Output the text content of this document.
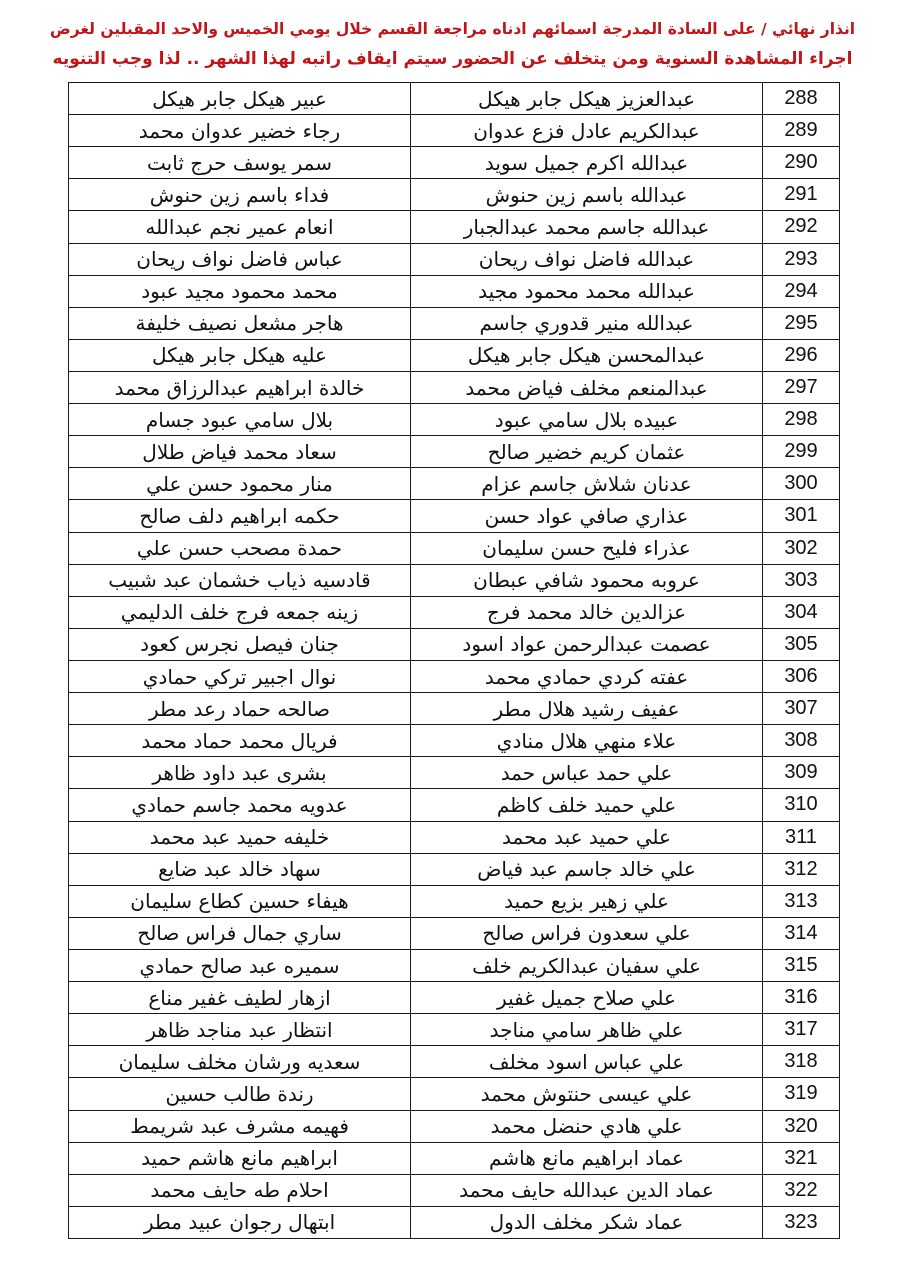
انذار نهائي / على السادة المدرجة اسمائهم ادناه مراجعة القسم خلال يومي الخميس والاحد المقبلين لغرض
اجراء المشاهدة السنوية ومن يتخلف عن الحضور سيتم ايقاف راتبه لهذا الشهر .. لذا وجب التنويه
288	عبدالعزيز هيكل جابر هيكل	عبير هيكل جابر هيكل
289	عبدالكريم عادل فزع عدوان	رجاء خضير عدوان محمد
290	عبدالله اكرم جميل سويد	سمر يوسف حرج ثابت
291	عبدالله باسم زين حنوش	فداء باسم زين حنوش
292	عبدالله جاسم محمد عبدالجبار	انعام عمير نجم عبدالله
293	عبدالله فاضل نواف ريحان	عباس فاضل نواف ريحان
294	عبدالله محمد محمود مجيد	محمد محمود مجيد عبود
295	عبدالله منير قدوري جاسم	هاجر مشعل نصيف خليفة
296	عبدالمحسن هيكل جابر هيكل	عليه هيكل جابر هيكل
297	عبدالمنعم مخلف فياض محمد	خالدة ابراهيم عبدالرزاق محمد
298	عبيده بلال سامي عبود	بلال سامي عبود جسام
299	عثمان كريم خضير صالح	سعاد محمد فياض طلال
300	عدنان شلاش جاسم عزام	منار محمود حسن علي
301	عذاري صافي عواد حسن	حكمه ابراهيم دلف صالح
302	عذراء فليح حسن سليمان	حمدة مصحب حسن علي
303	عروبه محمود شافي عبطان	قادسيه ذياب خشمان عبد شبيب
304	عزالدين خالد محمد فرج	زينه جمعه فرج خلف الدليمي
305	عصمت عبدالرحمن عواد اسود	جنان فيصل نجرس كعود
306	عفته كردي حمادي محمد	نوال اجبير تركي حمادي
307	عفيف رشيد هلال مطر	صالحه حماد رعد مطر
308	علاء منهي هلال منادي	فريال محمد حماد محمد
309	علي حمد عباس حمد	بشرى عبد داود ظاهر
310	علي حميد خلف كاظم	عدويه محمد جاسم حمادي
311	علي حميد عبد محمد	خليفه حميد عبد محمد
312	علي خالد جاسم عبد فياض	سهاد خالد عبد ضايع
313	علي زهير بزيع حميد	هيفاء حسين كطاع سليمان
314	علي سعدون فراس صالح	ساري جمال فراس صالح
315	علي سفيان عبدالكريم خلف	سميره عبد صالح حمادي
316	علي صلاح جميل غفير	ازهار لطيف غفير مناع
317	علي ظاهر سامي مناجد	انتظار عبد مناجد ظاهر
318	علي عباس اسود مخلف	سعديه ورشان مخلف سليمان
319	علي عيسى حنتوش محمد	رندة طالب حسين
320	علي هادي حنضل محمد	فهيمه مشرف عبد شريمط
321	عماد ابراهيم مانع هاشم	ابراهيم مانع هاشم حميد
322	عماد الدين عبدالله حايف محمد	احلام طه حايف محمد
323	عماد شكر مخلف الدول	ابتهال رجوان عبيد مطر
